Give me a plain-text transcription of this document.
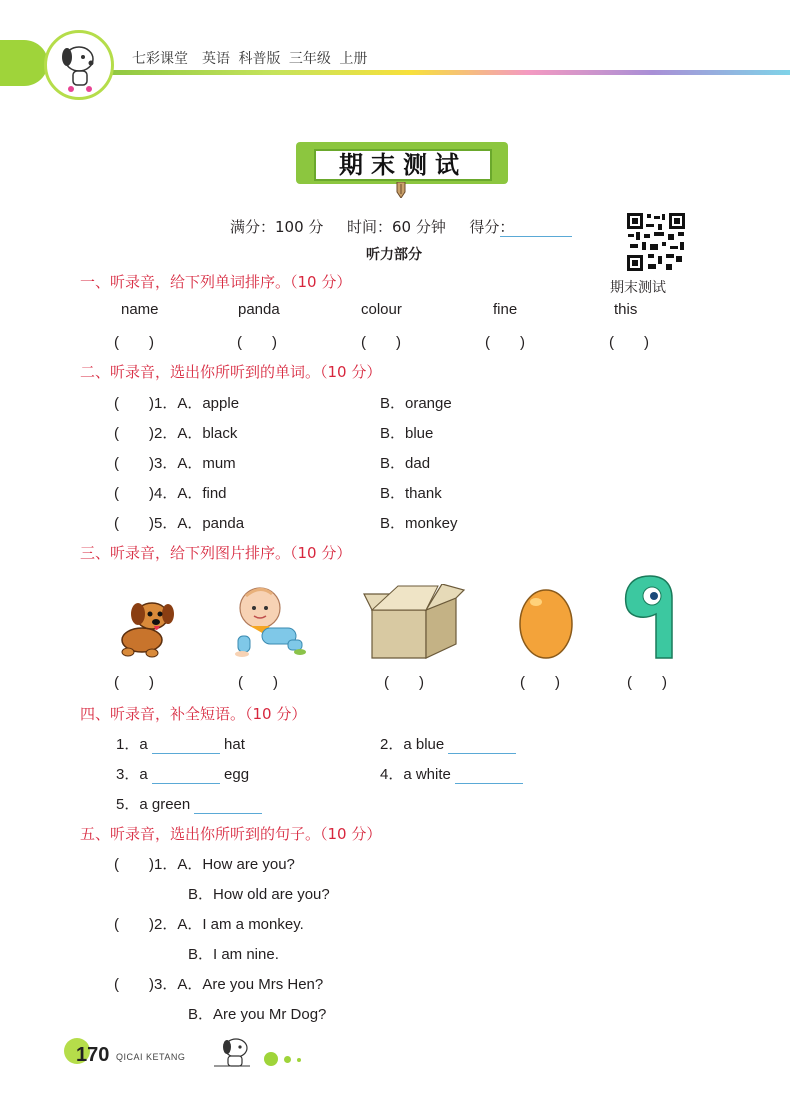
七彩课堂　英语 科普版 三年级 上册
期末测试
满分：100 分 时间：60 分钟 得分：
听力部分
期末测试
一、听录音，给下列单词排序。（10 分）
name	panda	colour	fine	this
(　　)	(　　)	(　　)	(　　)	(　　)
二、听录音，选出你所听到的单词。（10 分）
(　　)1．A．apple	B．orange
(　　)2．A．black	B．blue
(　　)3．A．mum	B．dad
(　　)4．A．find	B．thank
(　　)5．A．panda	B．monkey
三、听录音，给下列图片排序。（10 分）
(　　)	(　　)	(　　)	(　　)	(　　)
四、听录音，补全短语。（10 分）
1．a	hat	2．a blue
3．a	egg	4．a white
5．a green
五、听录音，选出你所听到的句子。（10 分）
(　　)1．A．How are you?
B．How old are you?
(　　)2．A．I am a monkey.
B．I am nine.
(　　)3．A．Are you Mrs Hen?
B．Are you Mr Dog?
170 QICAI KETANG
